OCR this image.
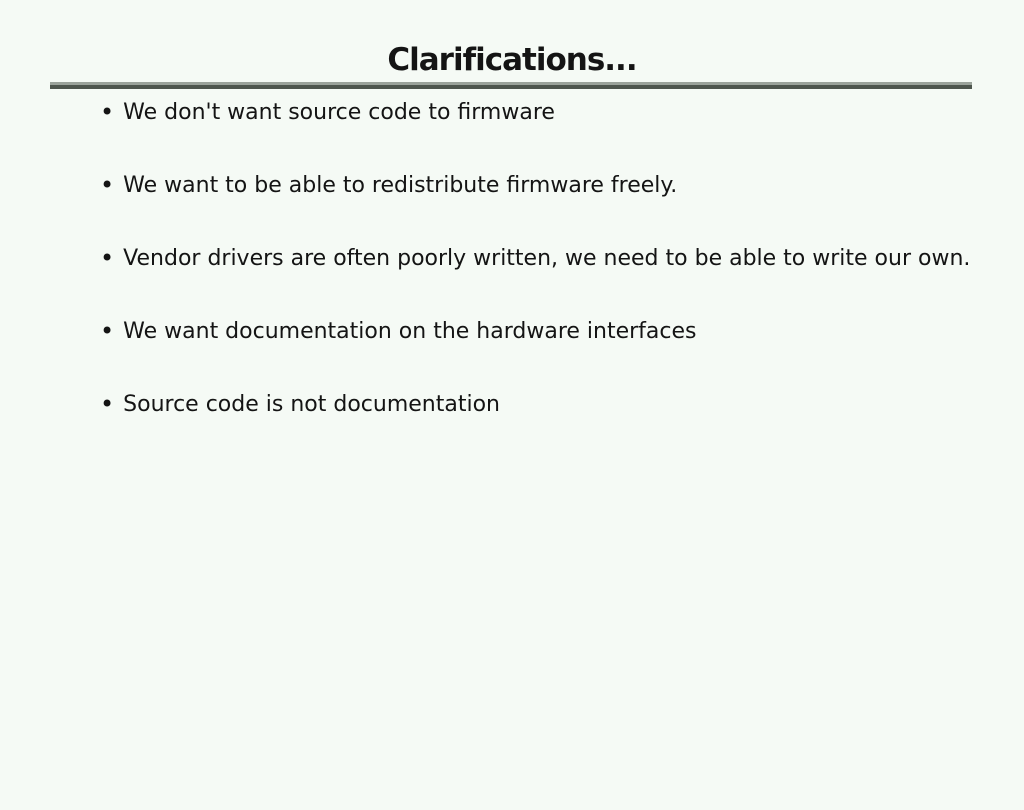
Clarifications...

• We don't want source code to firmware

• We want to be able to redistribute firmware freely.

• Vendor drivers are often poorly written, we need to be able to write our own.

• We want documentation on the hardware interfaces

• Source code is not documentation
